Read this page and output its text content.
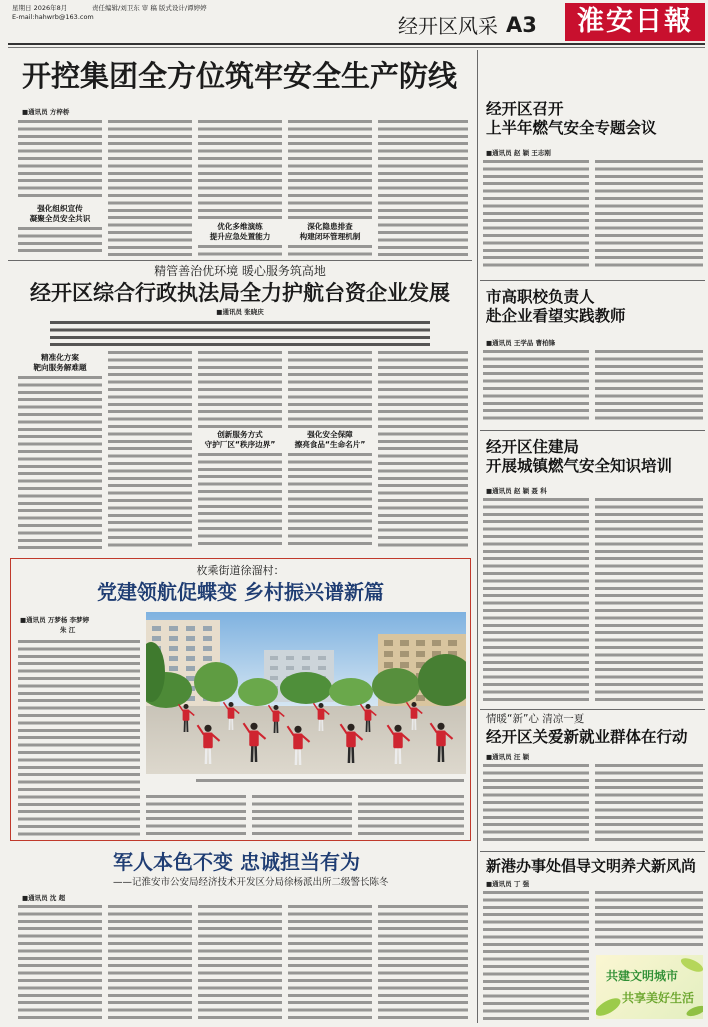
星期日 2026年8月	责任编辑/刘卫东 审 稿 版式设计/谭婷婷
E-mail:hahwrb@163.com	经开区风采 A3	淮安日報
开控集团全方位筑牢安全生产防线
■通讯员 方梓桥
强化组织宣传
凝聚全员安全共识
优化多维演练
提升应急处置能力
深化隐患排查
构建闭环管理机制
精管善治优环境 暖心服务筑高地
经开区综合行政执法局全力护航台资企业发展
■通讯员 张晓庆
精准化方案
靶向服务解难题
创新服务方式
守护厂区“秩序边界”
强化安全保障
擦亮食品“生命名片”
枚乘街道徐溜村：
党建领航促蝶变 乡村振兴谱新篇
■通讯员 万梦杨 李梦婷
朱 江
军人本色不变 忠诚担当有为
——记淮安市公安局经济技术开发区分局徐杨派出所二级警长陈冬
■通讯员 沈 超
经开区召开
上半年燃气安全专题会议
■通讯员 赵 颖 王志刚
市高职校负责人
赴企业看望实践教师
■通讯员 王学品 曹柏锋
经开区住建局
开展城镇燃气安全知识培训
■通讯员 赵 颖 聂 科
情暖“新”心 清凉一夏
经开区关爱新就业群体在行动
■通讯员 汪 颖
新港办事处倡导文明养犬新风尚
■通讯员 丁 强
共建文明城市
共享美好生活
